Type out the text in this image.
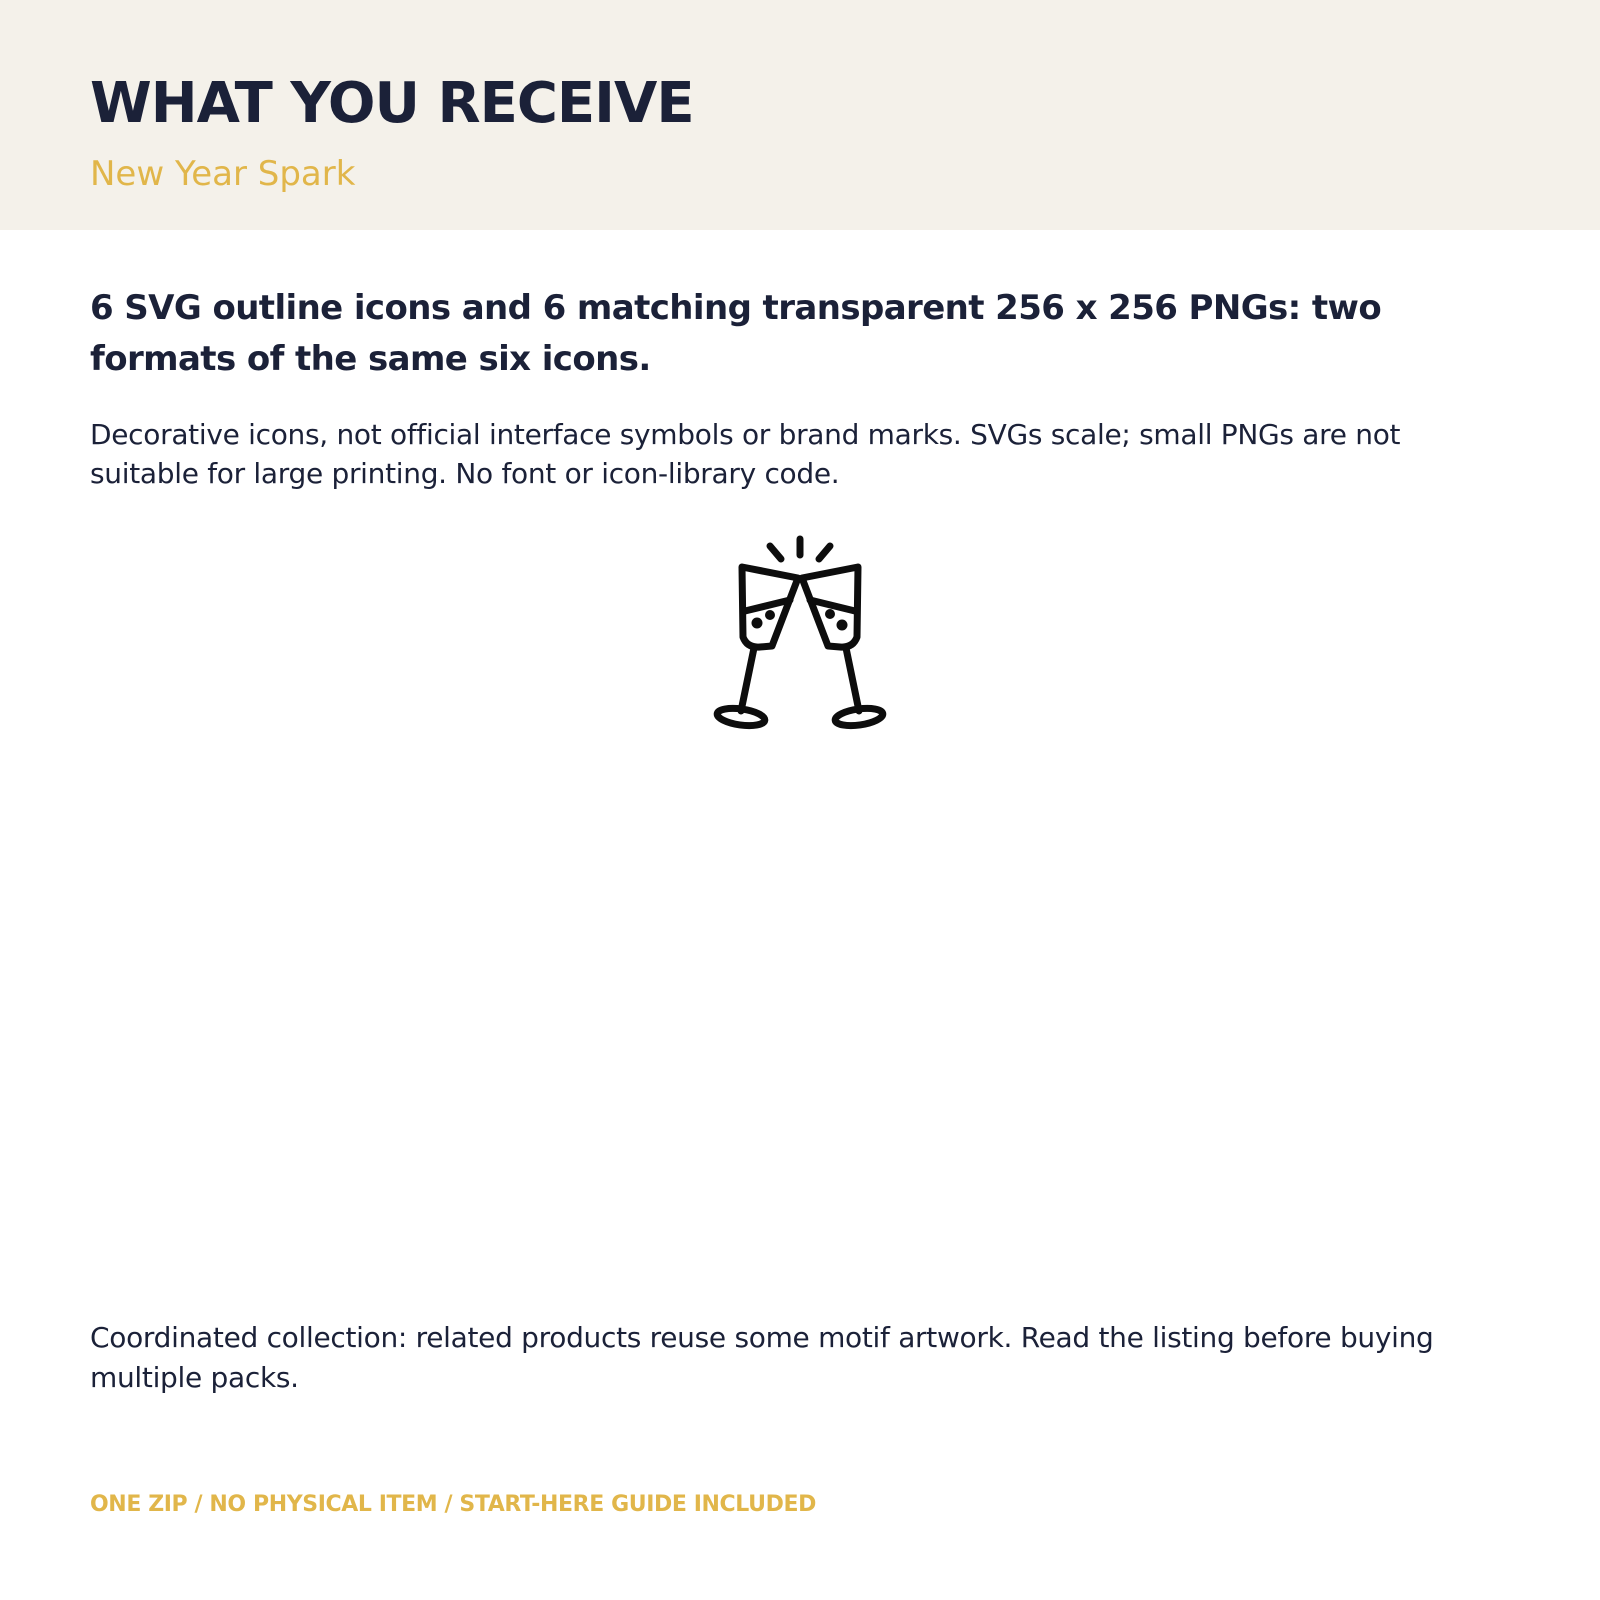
WHAT YOU RECEIVE

New Year Spark

6 SVG outline icons and 6 matching transparent 256 x 256 PNGs: two formats of the same six icons.

Decorative icons, not official interface symbols or brand marks. SVGs scale; small PNGs are not suitable for large printing. No font or icon-library code.

Coordinated collection: related products reuse some motif artwork. Read the listing before buying multiple packs.

ONE ZIP / NO PHYSICAL ITEM / START-HERE GUIDE INCLUDED
